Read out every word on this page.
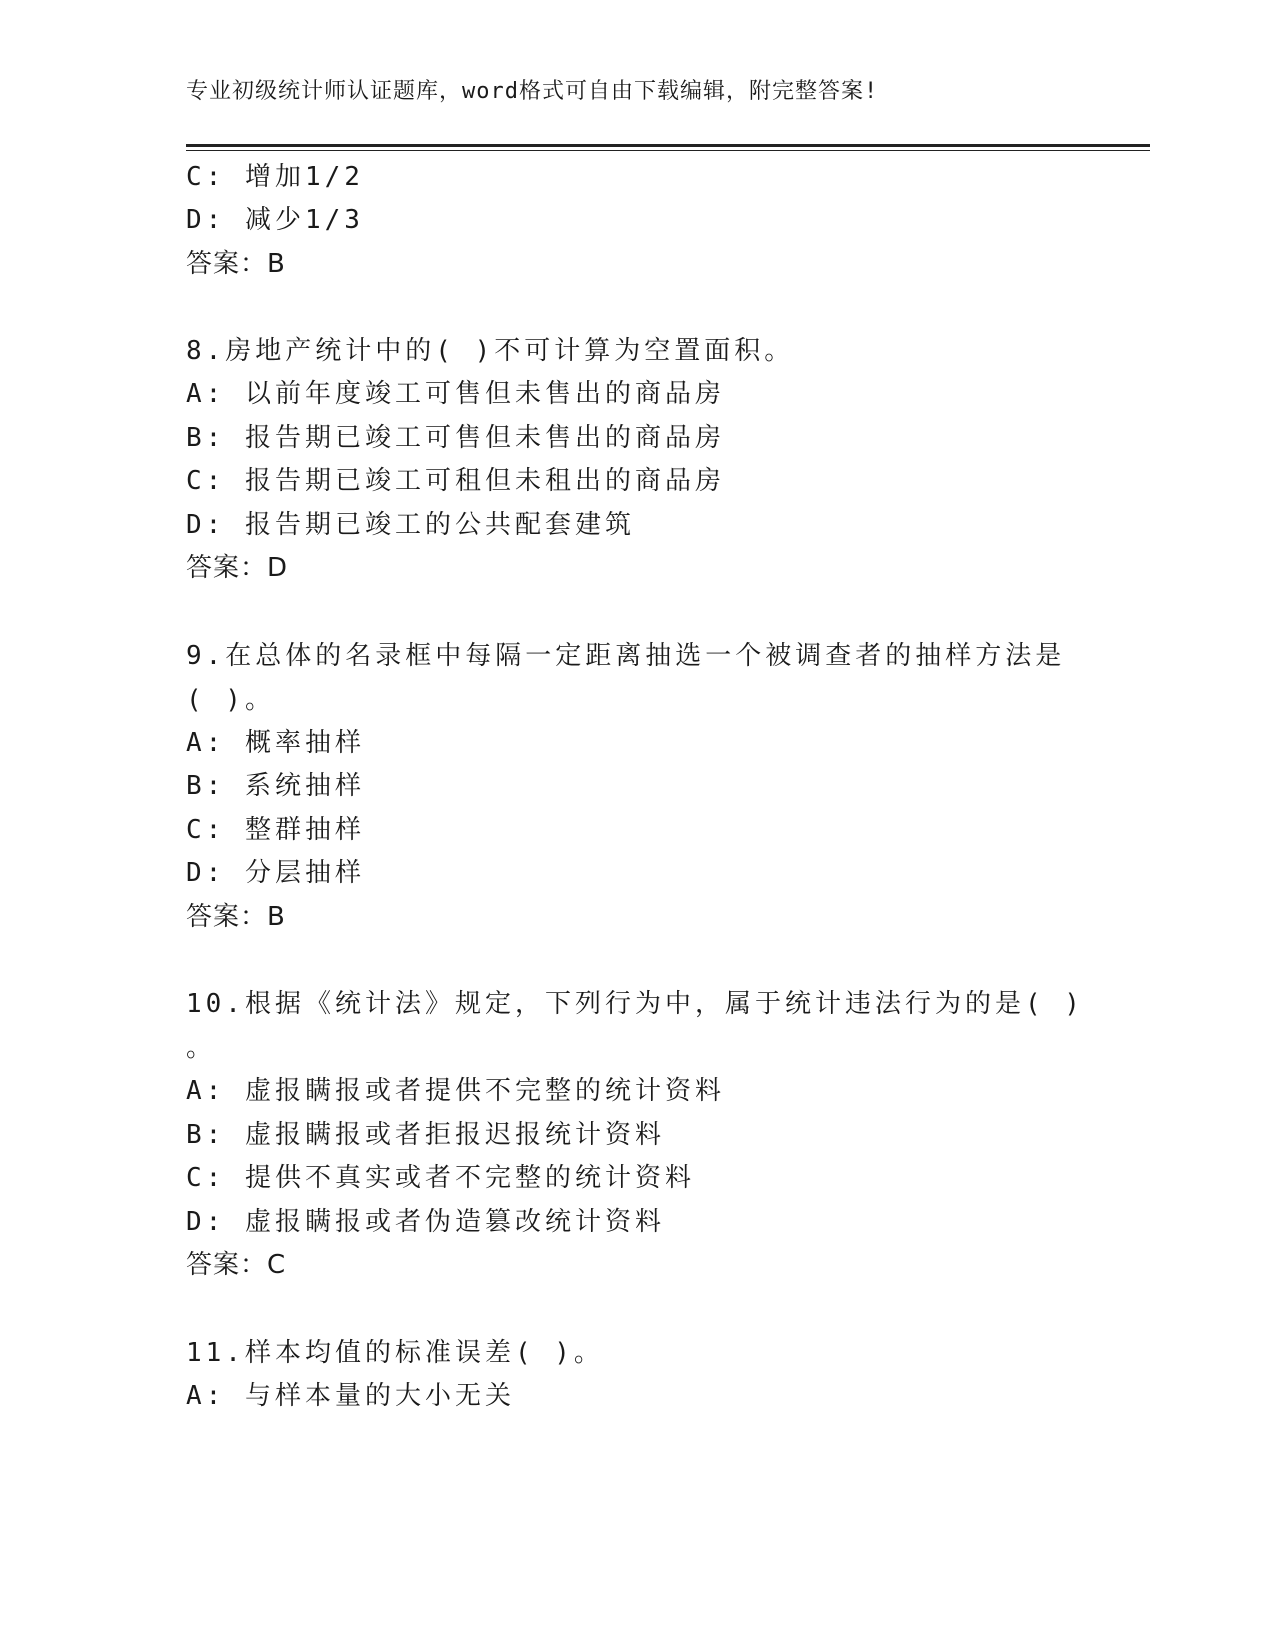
专业初级统计师认证题库，word格式可自由下载编辑，附完整答案!
C: 增加1/2
D: 减少1/3
答案：B
8.房地产统计中的( )不可计算为空置面积。
A: 以前年度竣工可售但未售出的商品房
B: 报告期已竣工可售但未售出的商品房
C: 报告期已竣工可租但未租出的商品房
D: 报告期已竣工的公共配套建筑
答案：D
9.在总体的名录框中每隔一定距离抽选一个被调查者的抽样方法是
( )。
A: 概率抽样
B: 系统抽样
C: 整群抽样
D: 分层抽样
答案：B
10.根据《统计法》规定，下列行为中，属于统计违法行为的是( )
。
A: 虚报瞒报或者提供不完整的统计资料
B: 虚报瞒报或者拒报迟报统计资料
C: 提供不真实或者不完整的统计资料
D: 虚报瞒报或者伪造篡改统计资料
答案：C
11.样本均值的标准误差( )。
A: 与样本量的大小无关
